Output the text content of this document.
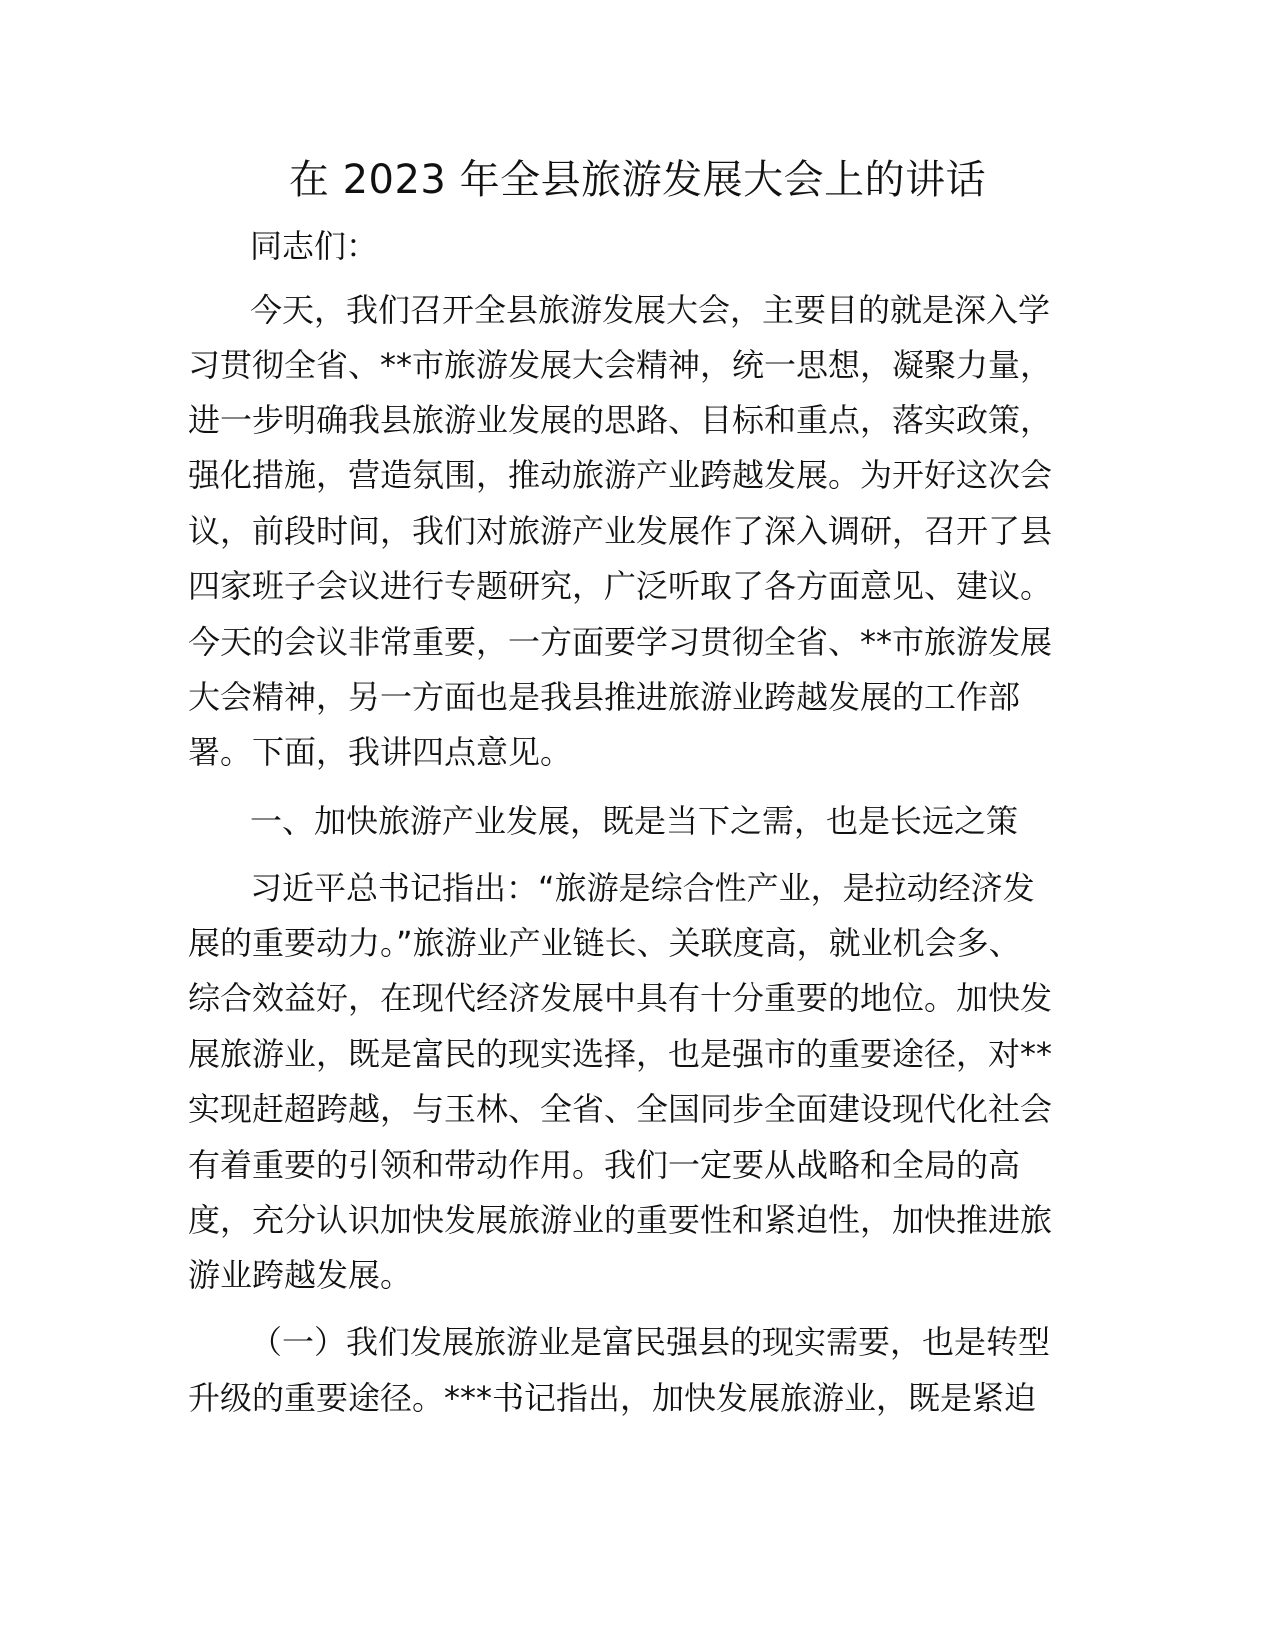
在 2023 年全县旅游发展大会上的讲话
同志们：
今天，我们召开全县旅游发展大会，主要目的就是深入学
习贯彻全省、**市旅游发展大会精神，统一思想，凝聚力量，
进一步明确我县旅游业发展的思路、目标和重点，落实政策，
强化措施，营造氛围，推动旅游产业跨越发展。为开好这次会
议，前段时间，我们对旅游产业发展作了深入调研，召开了县
四家班子会议进行专题研究，广泛听取了各方面意见、建议。
今天的会议非常重要，一方面要学习贯彻全省、**市旅游发展
大会精神，另一方面也是我县推进旅游业跨越发展的工作部
署。下面，我讲四点意见。
一、加快旅游产业发展，既是当下之需，也是长远之策
习近平总书记指出：“旅游是综合性产业，是拉动经济发
展的重要动力。”旅游业产业链长、关联度高，就业机会多、
综合效益好，在现代经济发展中具有十分重要的地位。加快发
展旅游业，既是富民的现实选择，也是强市的重要途径，对**
实现赶超跨越，与玉林、全省、全国同步全面建设现代化社会
有着重要的引领和带动作用。我们一定要从战略和全局的高
度，充分认识加快发展旅游业的重要性和紧迫性，加快推进旅
游业跨越发展。
（一）我们发展旅游业是富民强县的现实需要，也是转型
升级的重要途径。***书记指出，加快发展旅游业，既是紧迫
